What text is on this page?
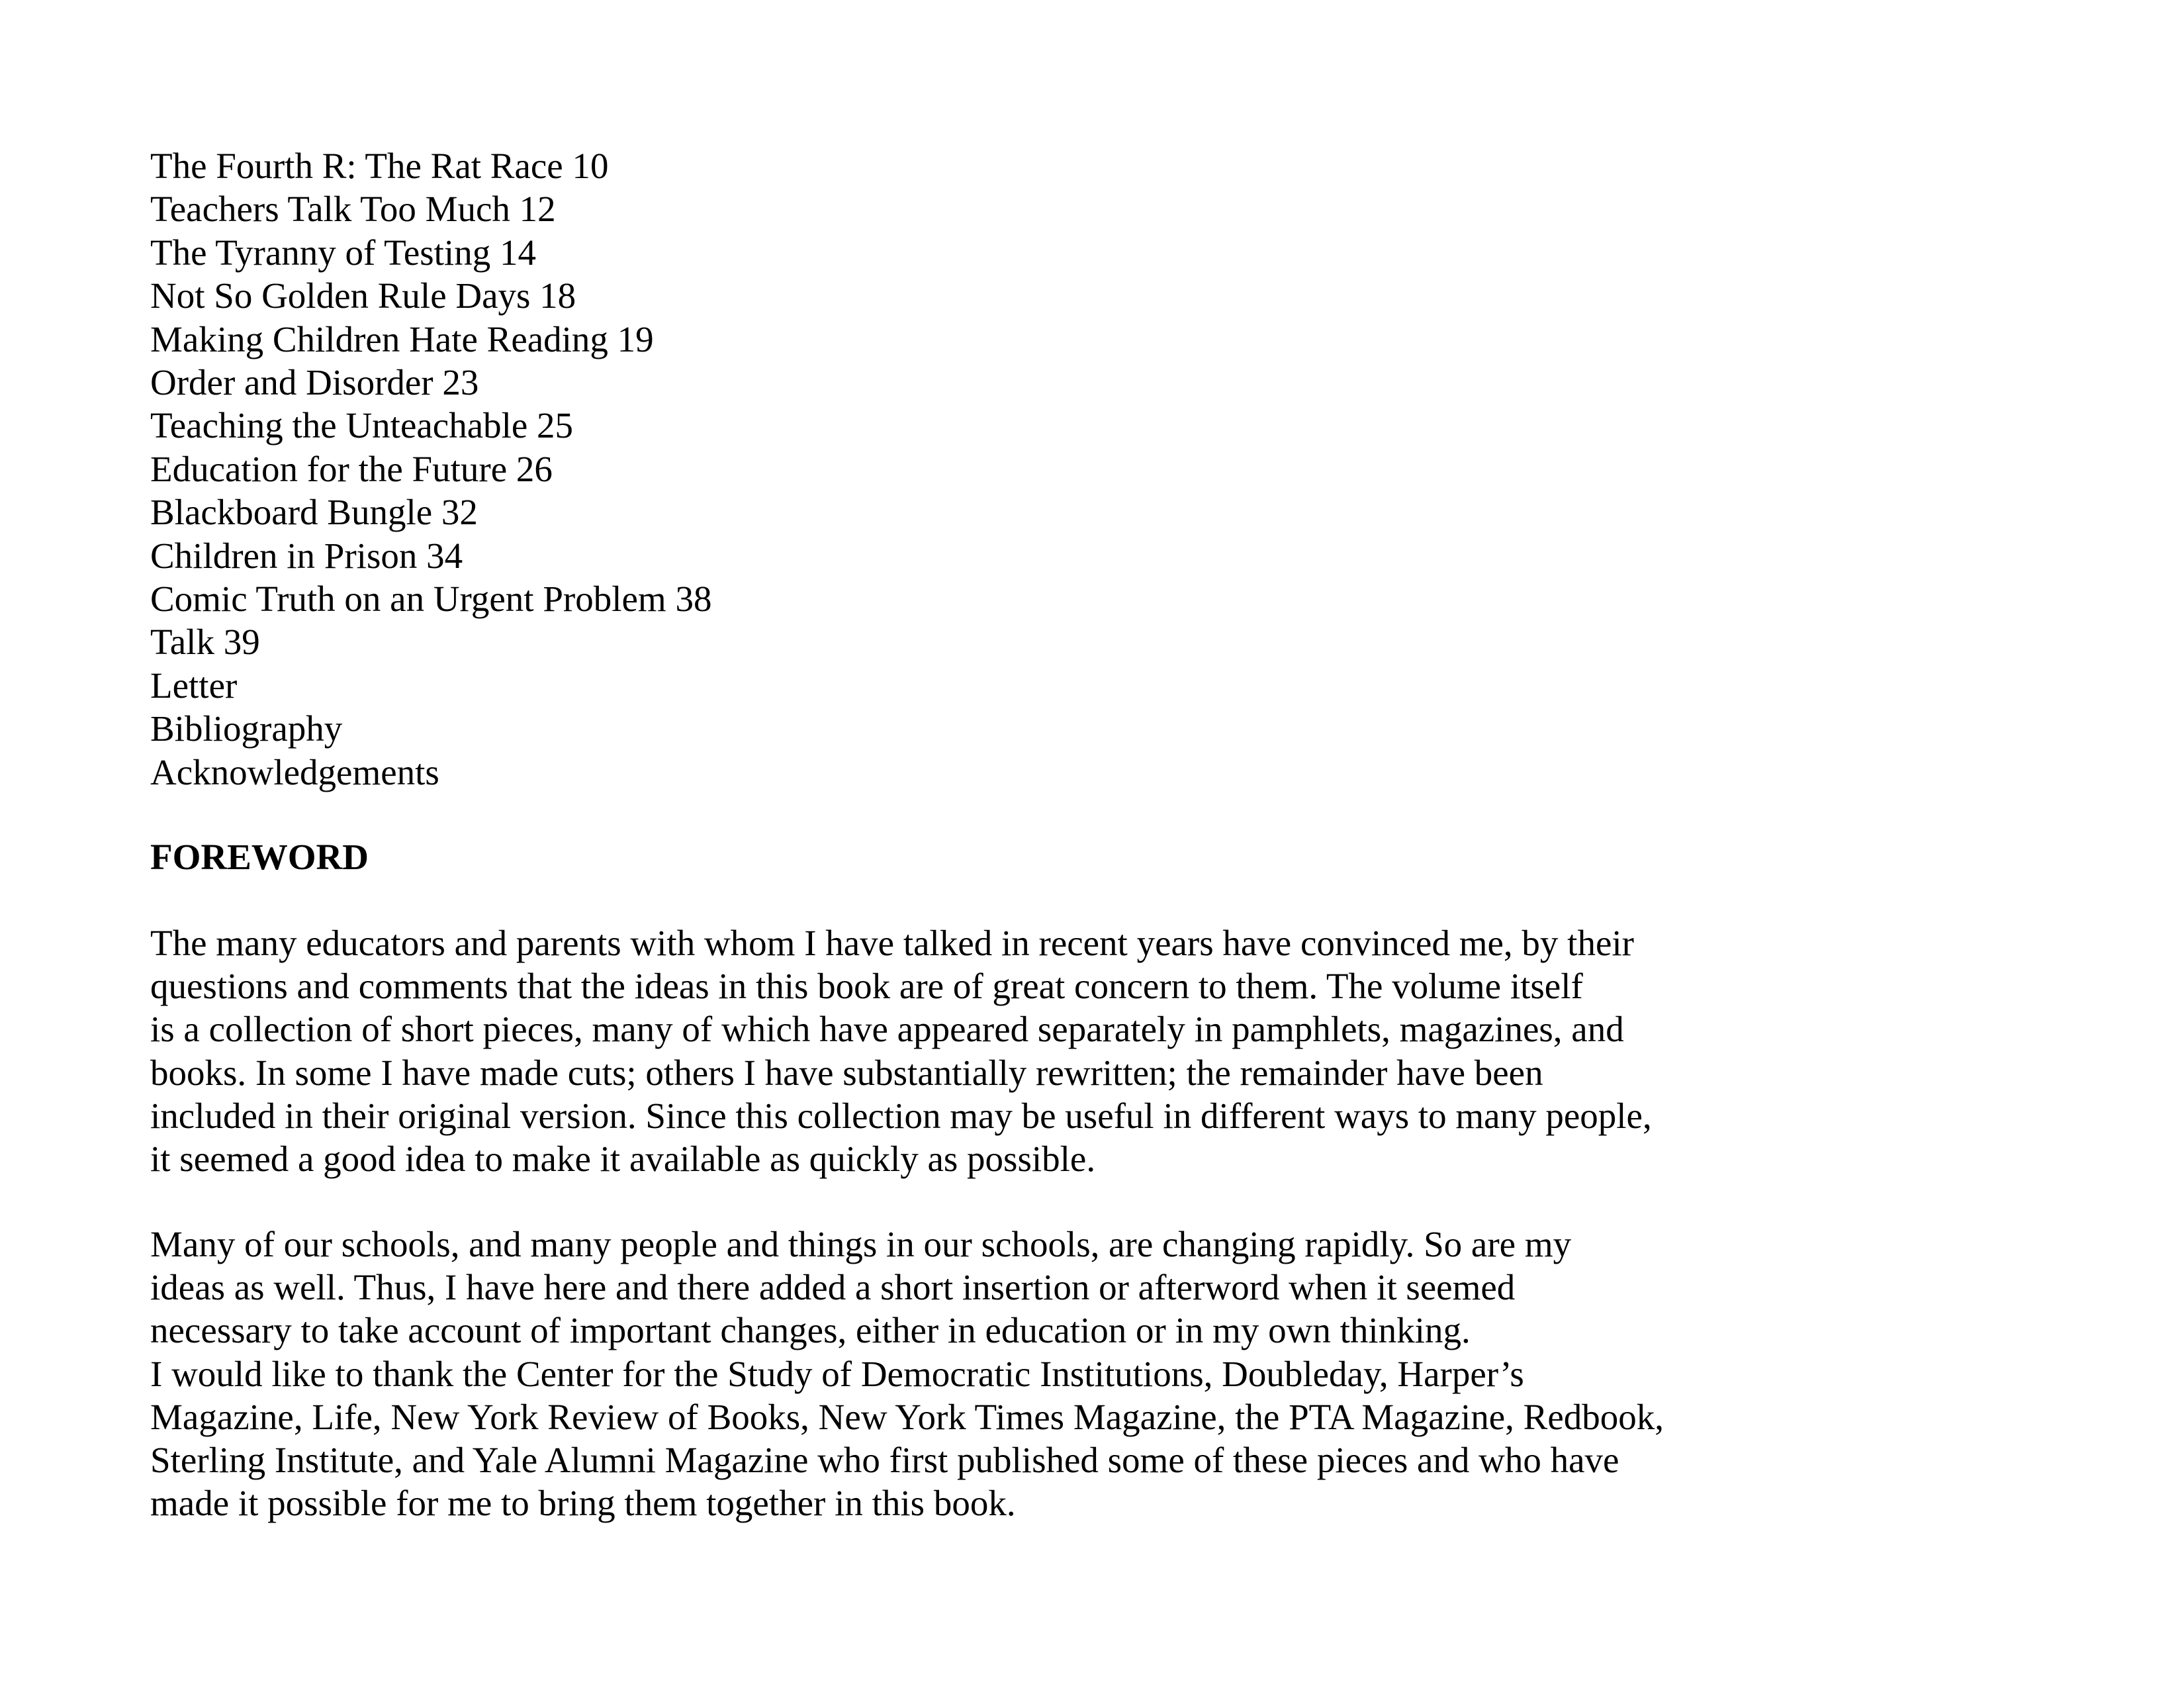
The Fourth R: The Rat Race 10
Teachers Talk Too Much 12
The Tyranny of Testing 14
Not So Golden Rule Days 18
Making Children Hate Reading 19
Order and Disorder 23
Teaching the Unteachable 25
Education for the Future 26
Blackboard Bungle 32
Children in Prison 34
Comic Truth on an Urgent Problem 38
Talk 39
Letter
Bibliography
Acknowledgements
FOREWORD

The many educators and parents with whom I have talked in recent years have convinced me, by their
questions and comments that the ideas in this book are of great concern to them. The volume itself
is a collection of short pieces, many of which have appeared separately in pamphlets, magazines, and
books. In some I have made cuts; others I have substantially rewritten; the remainder have been
included in their original version. Since this collection may be useful in different ways to many people,
it seemed a good idea to make it available as quickly as possible.

Many of our schools, and many people and things in our schools, are changing rapidly. So are my
ideas as well. Thus, I have here and there added a short insertion or afterword when it seemed
necessary to take account of important changes, either in education or in my own thinking.
I would like to thank the Center for the Study of Democratic Institutions, Doubleday, Harper’s
Magazine, Life, New York Review of Books, New York Times Magazine, the PTA Magazine, Redbook,
Sterling Institute, and Yale Alumni Magazine who first published some of these pieces and who have
made it possible for me to bring them together in this book.
